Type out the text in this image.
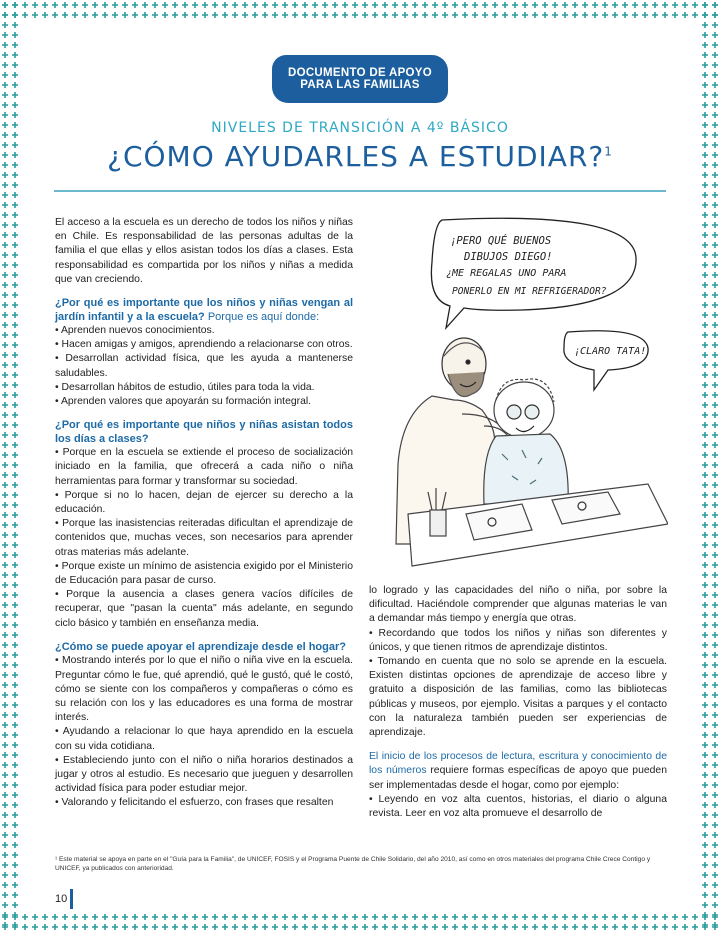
DOCUMENTO DE APOYO
PARA LAS FAMILIAS
NIVELES DE TRANSICIÓN A 4º BÁSICO
¿CÓMO AYUDARLES A ESTUDIAR?$^1$

El acceso a la escuela es un derecho de todos los niños y niñas en Chile. Es responsabilidad de las personas adultas de la familia el que ellas y ellos asistan todos los días a clases. Esta responsabilidad es compartida por los niños y niñas a medida que van creciendo.

¿Por qué es importante que los niños y niñas vengan al jardín infantil y a la escuela? Porque es aquí donde:

• Aprenden nuevos conocimientos.

• Hacen amigas y amigos, aprendiendo a relacionarse con otros.

• Desarrollan actividad física, que les ayuda a mantenerse saludables.

• Desarrollan hábitos de estudio, útiles para toda la vida.

• Aprenden valores que apoyarán su formación integral.

¿Por qué es importante que niños y niñas asistan todos los días a clases?

• Porque en la escuela se extiende el proceso de socialización iniciado en la familia, que ofrecerá a cada niño o niña herramientas para formar y transformar su sociedad.

• Porque si no lo hacen, dejan de ejercer su derecho a la educación.

• Porque las inasistencias reiteradas dificultan el aprendizaje de contenidos que, muchas veces, son necesarios para aprender otras materias más adelante.

• Porque existe un mínimo de asistencia exigido por el Ministerio de Educación para pasar de curso.

• Porque la ausencia a clases genera vacíos difíciles de recuperar, que "pasan la cuenta" más adelante, en segundo ciclo básico y también en enseñanza media.

¿Cómo se puede apoyar el aprendizaje desde el hogar?

• Mostrando interés por lo que el niño o niña vive en la escuela. Preguntar cómo le fue, qué aprendió, qué le gustó, qué le costó, cómo se siente con los compañeros y compañeras o cómo es su relación con los y las educadores es una forma de mostrar interés.

• Ayudando a relacionar lo que haya aprendido en la escuela con su vida cotidiana.

• Estableciendo junto con el niño o niña horarios destinados a jugar y otros al estudio. Es necesario que jueguen y desarrollen actividad física para poder estudiar mejor.

• Valorando y felicitando el esfuerzo, con frases que resalten

¡PERO QUÉ BUENOS
DIBUJOS DIEGO!
¿ME REGALAS UNO PARA
PONERLO EN MI REFRIGERADOR?
¡CLARO TATA!

lo logrado y las capacidades del niño o niña, por sobre la dificultad. Haciéndole comprender que algunas materias le van a demandar más tiempo y energía que otras.

• Recordando que todos los niños y niñas son diferentes y únicos, y que tienen ritmos de aprendizaje distintos.

• Tomando en cuenta que no solo se aprende en la escuela. Existen distintas opciones de aprendizaje de acceso libre y gratuito a disposición de las familias, como las bibliotecas públicas y museos, por ejemplo. Visitas a parques y el contacto con la naturaleza también pueden ser experiencias de aprendizaje.

El inicio de los procesos de lectura, escritura y conocimiento de los números requiere formas específicas de apoyo que pueden ser implementadas desde el hogar, como por ejemplo:

• Leyendo en voz alta cuentos, historias, el diario o alguna revista. Leer en voz alta promueve el desarrollo de

¹ Este material se apoya en parte en el "Guía para la Familia", de UNICEF, FOSIS y el Programa Puente de Chile Solidario, del año 2010, así como en otros materiales del programa Chile Crece Contigo y UNICEF, ya publicados con anterioridad.
10
